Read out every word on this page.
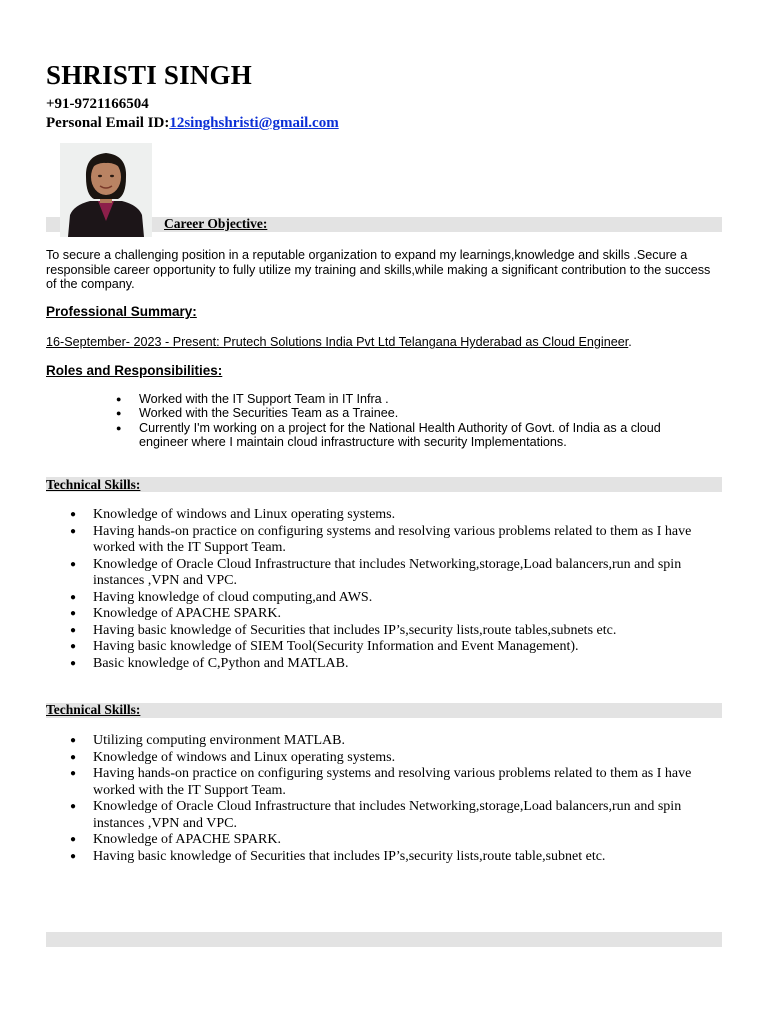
SHRISTI SINGH
+91-9721166504
Personal Email ID:12singhshristi@gmail.com
Career Objective:
To secure a challenging position in a reputable organization to expand my learnings,knowledge and skills .Secure a responsible career opportunity to fully utilize my training and skills,while making a significant contribution to the success of the company.
Professional Summary:
16-September- 2023 - Present: Prutech Solutions India Pvt Ltd Telangana Hyderabad as Cloud Engineer.
Roles and Responsibilities:
● Worked with the IT Support Team in IT Infra .
● Worked with the Securities Team as a Trainee.
● Currently I'm working on a project for the National Health Authority of Govt. of India as a cloud engineer where I maintain cloud infrastructure with security Implementations.
Technical Skills:
● Knowledge of windows and Linux operating systems.
● Having hands-on practice on configuring systems and resolving various problems related to them as I have worked with the IT Support Team.
● Knowledge of Oracle Cloud Infrastructure that includes Networking,storage,Load balancers,run and spin instances ,VPN and VPC.
● Having knowledge of cloud computing,and AWS.
● Knowledge of APACHE SPARK.
● Having basic knowledge of Securities that includes IP’s,security lists,route tables,subnets etc.
● Having basic knowledge of SIEM Tool(Security Information and Event Management).
● Basic knowledge of C,Python and MATLAB.
Technical Skills:
● Utilizing computing environment MATLAB.
● Knowledge of windows and Linux operating systems.
● Having hands-on practice on configuring systems and resolving various problems related to them as I have worked with the IT Support Team.
● Knowledge of Oracle Cloud Infrastructure that includes Networking,storage,Load balancers,run and spin instances ,VPN and VPC.
● Knowledge of APACHE SPARK.
● Having basic knowledge of Securities that includes IP’s,security lists,route table,subnet etc.
